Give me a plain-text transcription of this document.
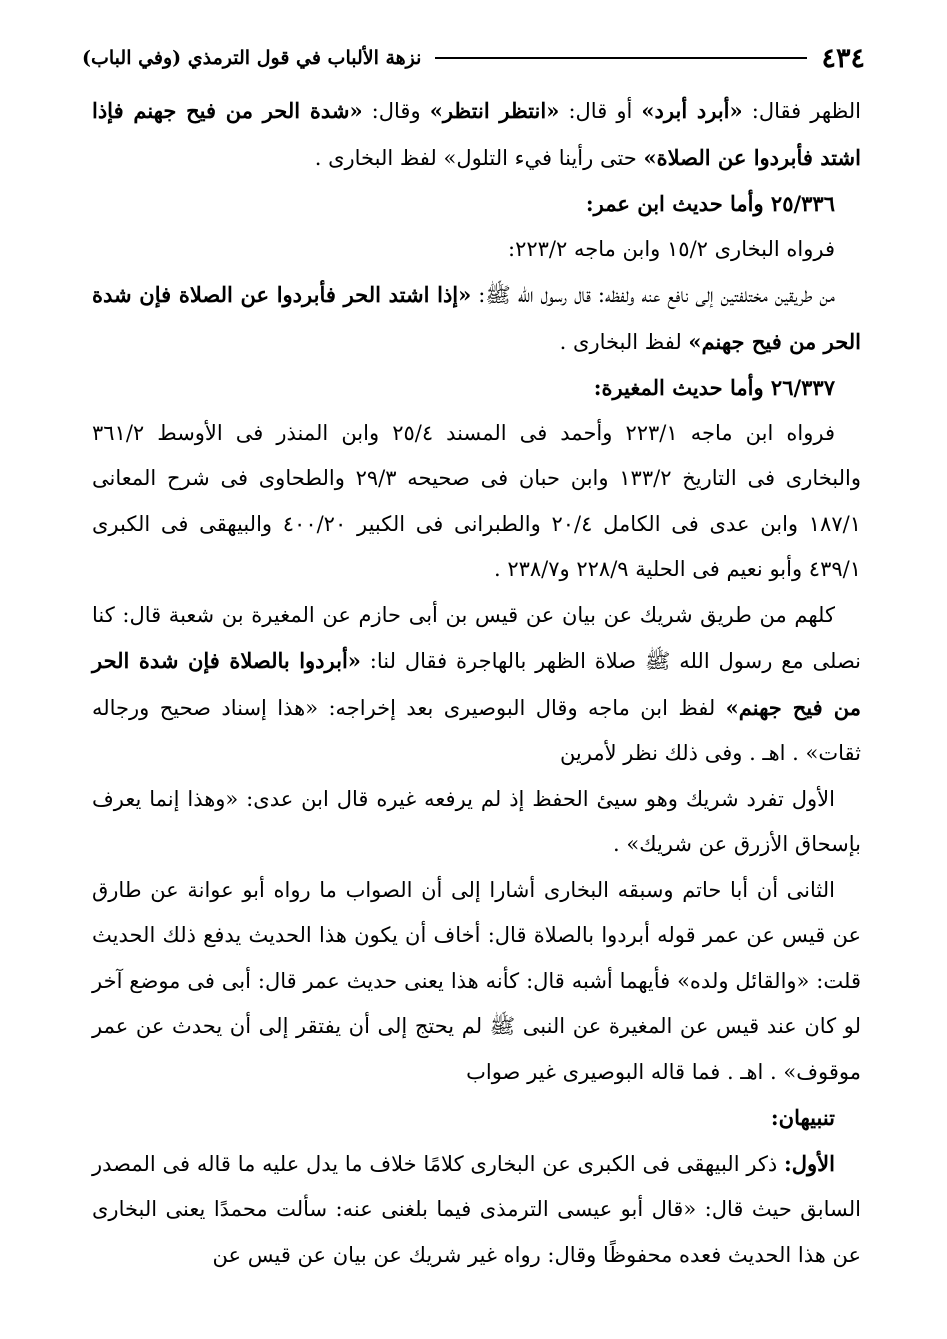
٤٣٤
نزهة الألباب في قول الترمذي (وفي الباب)

الظهر فقال: «أبرد أبرد» أو قال: «انتظر انتظر» وقال: «شدة الحر من فيح جهنم فإذا اشتد فأبردوا عن الصلاة» حتى رأينا فيء التلول» لفظ البخارى .

٢٥/٣٣٦ وأما حديث ابن عمر:

فرواه البخارى ١٥/٢ وابن ماجه ٢٢٣/٢:

من طريقين مختلفتين إلى نافع عنه ولفظه: قال رسول الله ﷺ: «إذا اشتد الحر فأبردوا عن الصلاة فإن شدة الحر من فيح جهنم» لفظ البخارى .

٢٦/٣٣٧ وأما حديث المغيرة:

فرواه ابن ماجه ٢٢٣/١ وأحمد فى المسند ٢٥/٤ وابن المنذر فى الأوسط ٣٦١/٢ والبخارى فى التاريخ ١٣٣/٢ وابن حبان فى صحيحه ٢٩/٣ والطحاوى فى شرح المعانى ١٨٧/١ وابن عدى فى الكامل ٢٠/٤ والطبرانى فى الكبير ٤٠٠/٢٠ والبيهقى فى الكبرى ٤٣٩/١ وأبو نعيم فى الحلية ٢٢٨/٩ و٢٣٨/٧ .

كلهم من طريق شريك عن بيان عن قيس بن أبى حازم عن المغيرة بن شعبة قال: كنا نصلى مع رسول الله ﷺ صلاة الظهر بالهاجرة فقال لنا: «أبردوا بالصلاة فإن شدة الحر من فيح جهنم» لفظ ابن ماجه وقال البوصيرى بعد إخراجه: «هذا إسناد صحيح ورجاله ثقات» . اهـ . وفى ذلك نظر لأمرين

الأول تفرد شريك وهو سيئ الحفظ إذ لم يرفعه غيره قال ابن عدى: «وهذا إنما يعرف بإسحاق الأزرق عن شريك» .

الثانى أن أبا حاتم وسبقه البخارى أشارا إلى أن الصواب ما رواه أبو عوانة عن طارق عن قيس عن عمر قوله أبردوا بالصلاة قال: أخاف أن يكون هذا الحديث يدفع ذلك الحديث قلت: «والقائل ولده» فأيهما أشبه قال: كأنه هذا يعنى حديث عمر قال: أبى فى موضع آخر لو كان عند قيس عن المغيرة عن النبى ﷺ لم يحتج إلى أن يفتقر إلى أن يحدث عن عمر موقوف» . اهـ . فما قاله البوصيرى غير صواب

تنبيهان:

الأول: ذكر البيهقى فى الكبرى عن البخارى كلامًا خلاف ما يدل عليه ما قاله فى المصدر السابق حيث قال: «قال أبو عيسى الترمذى فيما بلغنى عنه: سألت محمدًا يعنى البخارى عن هذا الحديث فعده محفوظًا وقال: رواه غير شريك عن بيان عن قيس عن
